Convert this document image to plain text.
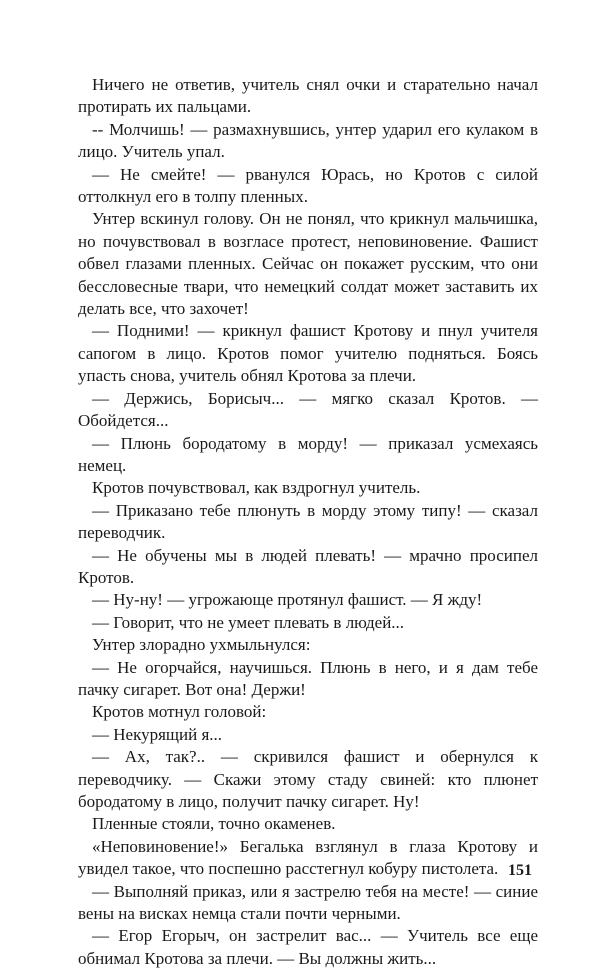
Ничего не ответив, учитель снял очки и старательно начал протирать их пальцами.

-- Молчишь! — размахнувшись, унтер ударил его кулаком в лицо. Учитель упал.

— Не смейте! — рванулся Юрась, но Кротов с силой оттолкнул его в толпу пленных.

Унтер вскинул голову. Он не понял, что крикнул мальчишка, но почувствовал в возгласе протест, неповиновение. Фашист обвел глазами пленных. Сейчас он покажет русским, что они бессловесные твари, что немецкий солдат может заставить их делать все, что захочет!

— Подними! — крикнул фашист Кротову и пнул учителя сапогом в лицо. Кротов помог учителю подняться. Боясь упасть снова, учитель обнял Кротова за плечи.

— Держись, Борисыч... — мягко сказал Кротов. — Обойдется...

— Плюнь бородатому в морду! — приказал усмехаясь немец.

Кротов почувствовал, как вздрогнул учитель.

— Приказано тебе плюнуть в морду этому типу! — сказал переводчик.

— Не обучены мы в людей плевать! — мрачно просипел Кротов.

— Ну-ну! — угрожающе протянул фашист. — Я жду!

— Говорит, что не умеет плевать в людей...

Унтер злорадно ухмыльнулся:

— Не огорчайся, научишься. Плюнь в него, и я дам тебе пачку сигарет. Вот она! Держи!

Кротов мотнул головой:

— Некурящий я...

— Ах, так?.. — скривился фашист и обернулся к переводчику. — Скажи этому стаду свиней: кто плюнет бородатому в лицо, получит пачку сигарет. Ну!

Пленные стояли, точно окаменев.

«Неповиновение!» Бегалька взглянул в глаза Кротову и увидел такое, что поспешно расстегнул кобуру пистолета.

— Выполняй приказ, или я застрелю тебя на месте! — синие вены на висках немца стали почти черными.

— Егор Егорыч, он застрелит вас... — Учитель все еще обнимал Кротова за плечи. — Вы должны жить...

151
